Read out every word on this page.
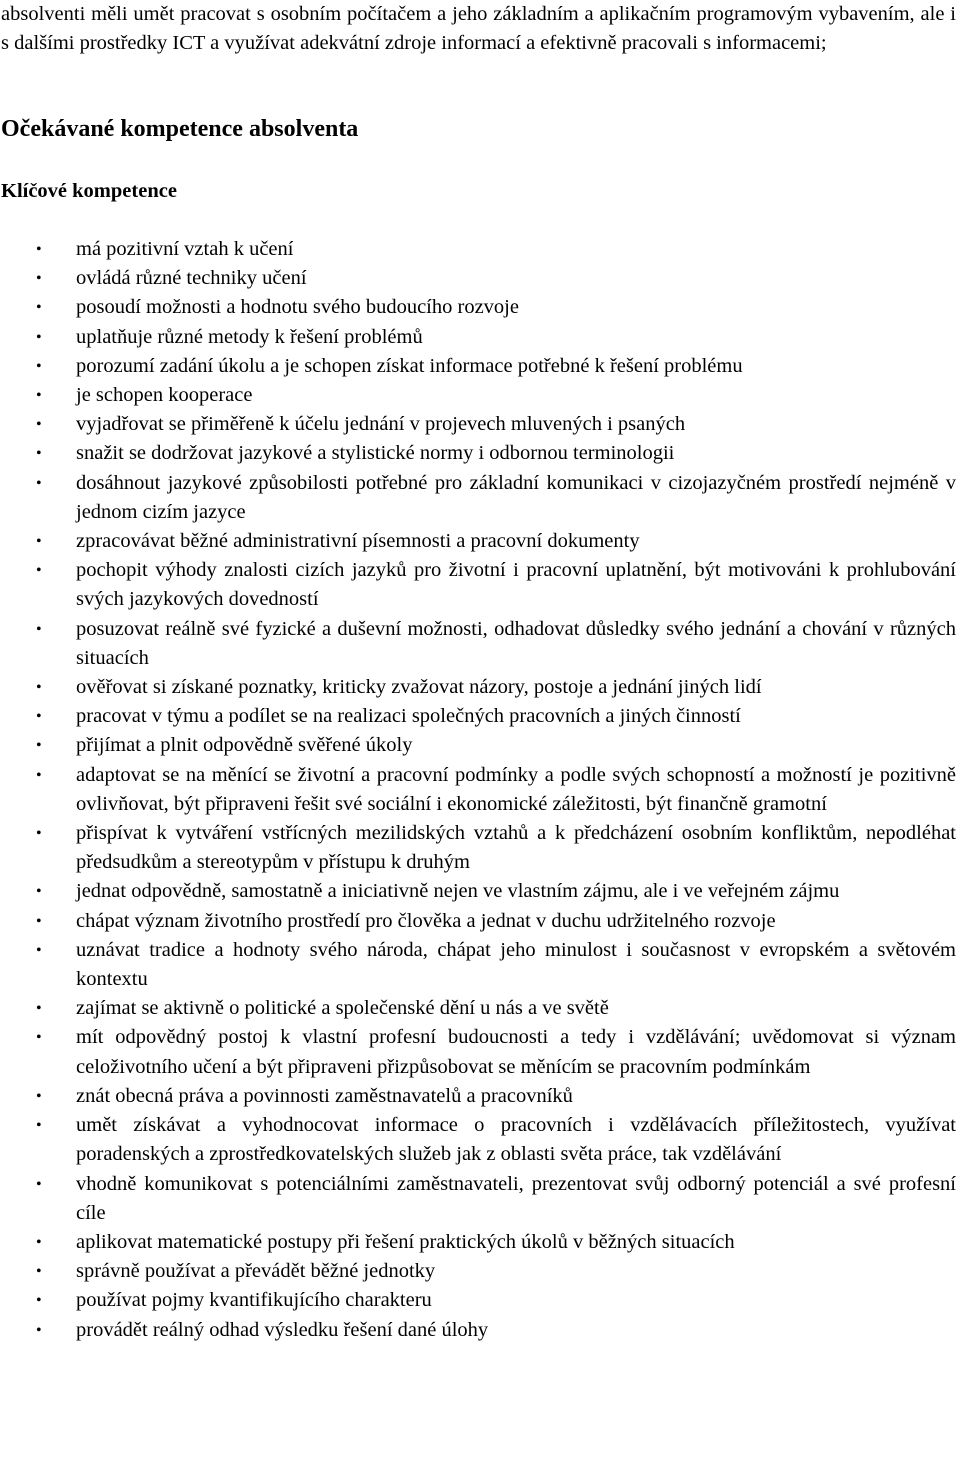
absolventi měli umět pracovat s osobním počítačem a jeho základním a aplikačním programovým vybavením, ale i s dalšími prostředky ICT a využívat adekvátní zdroje informací a efektivně pracovali s informacemi;

Očekávané kompetence absolventa
Klíčové kompetence
• má pozitivní vztah k učení
• ovládá různé techniky učení
• posoudí možnosti a hodnotu svého budoucího rozvoje
• uplatňuje různé metody k řešení problémů
• porozumí zadání úkolu a je schopen získat informace potřebné k řešení problému
• je schopen kooperace
• vyjadřovat se přiměřeně k účelu jednání v projevech mluvených i psaných
• snažit se dodržovat jazykové a stylistické normy i odbornou terminologii
• dosáhnout jazykové způsobilosti potřebné pro základní komunikaci v cizojazyčném prostředí nejméně v jednom cizím jazyce
• zpracovávat běžné administrativní písemnosti a pracovní dokumenty
• pochopit výhody znalosti cizích jazyků pro životní i pracovní uplatnění, být motivováni k prohlubování svých jazykových dovedností
• posuzovat reálně své fyzické a duševní možnosti, odhadovat důsledky svého jednání a chování v různých situacích
• ověřovat si získané poznatky, kriticky zvažovat názory, postoje a jednání jiných lidí
• pracovat v týmu a podílet se na realizaci společných pracovních a jiných činností
• přijímat a plnit odpovědně svěřené úkoly
• adaptovat se na měnící se životní a pracovní podmínky a podle svých schopností a možností je pozitivně ovlivňovat, být připraveni řešit své sociální i ekonomické záležitosti, být finančně gramotní
• přispívat k vytváření vstřícných mezilidských vztahů a k předcházení osobním konfliktům, nepodléhat předsudkům a stereotypům v přístupu k druhým
• jednat odpovědně, samostatně a iniciativně nejen ve vlastním zájmu, ale i ve veřejném zájmu
• chápat význam životního prostředí pro člověka a jednat v duchu udržitelného rozvoje
• uznávat tradice a hodnoty svého národa, chápat jeho minulost i současnost v evropském a světovém kontextu
• zajímat se aktivně o politické a společenské dění u nás a ve světě
• mít odpovědný postoj k vlastní profesní budoucnosti a tedy i vzdělávání; uvědomovat si význam celoživotního učení a být připraveni přizpůsobovat se měnícím se pracovním podmínkám
• znát obecná práva a povinnosti zaměstnavatelů a pracovníků
• umět získávat a vyhodnocovat informace o pracovních i vzdělávacích příležitostech, využívat poradenských a zprostředkovatelských služeb jak z oblasti světa práce, tak vzdělávání
• vhodně komunikovat s potenciálními zaměstnavateli, prezentovat svůj odborný potenciál a své profesní cíle
• aplikovat matematické postupy při řešení praktických úkolů v běžných situacích
• správně používat a převádět běžné jednotky
• používat pojmy kvantifikujícího charakteru
• provádět reálný odhad výsledku řešení dané úlohy
